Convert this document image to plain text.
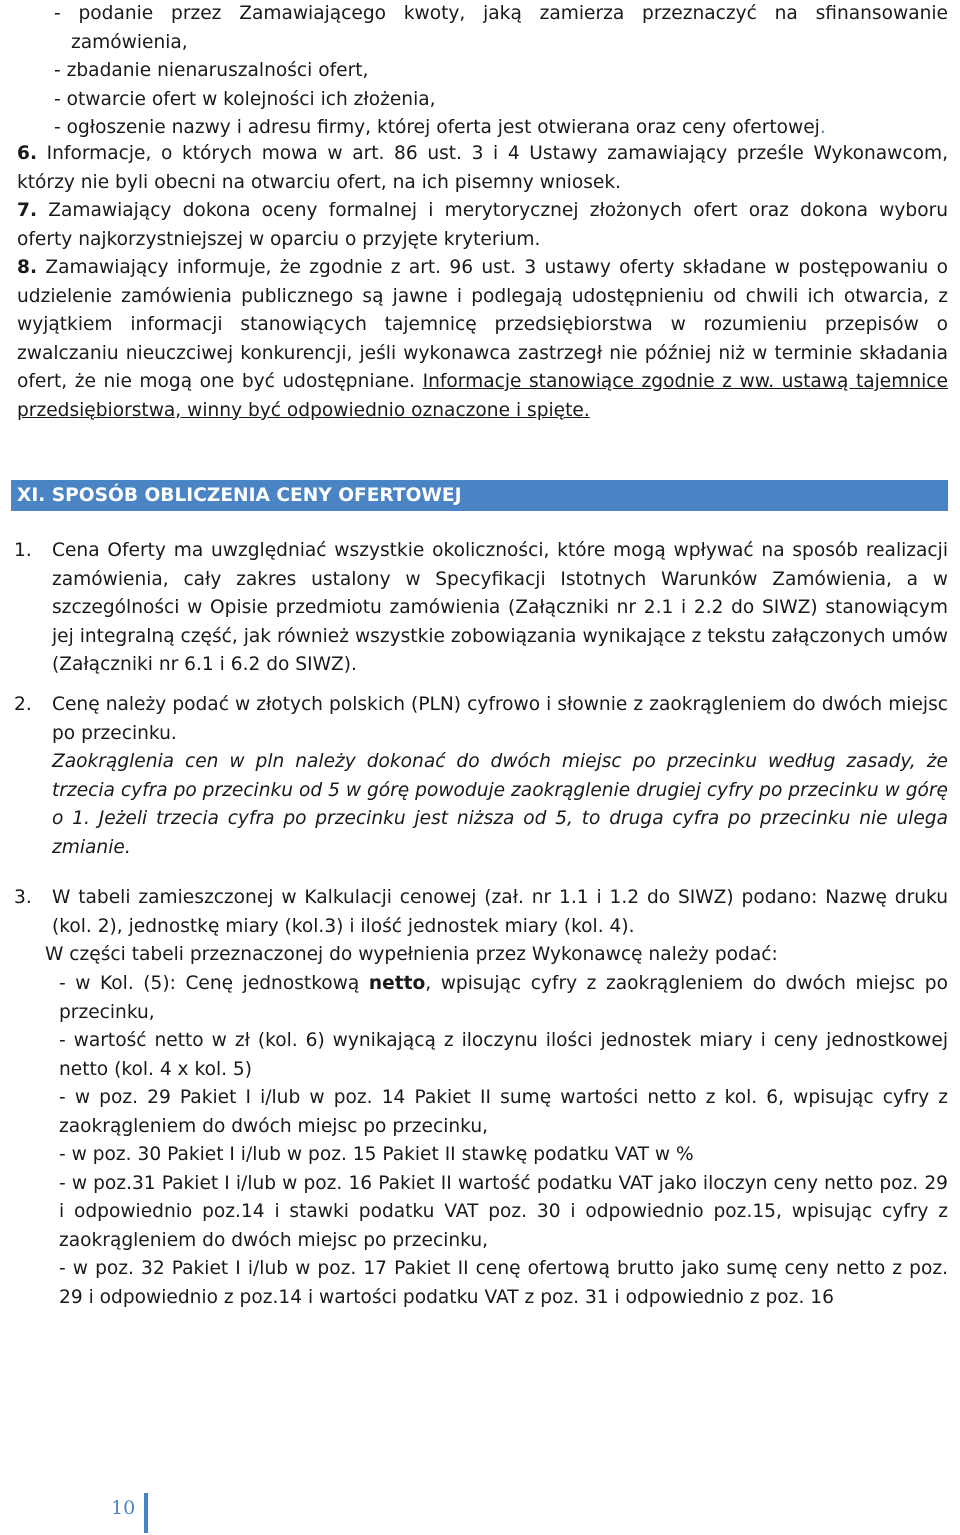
- podanie przez Zamawiającego kwoty, jaką zamierza przeznaczyć na sfinansowanie
zamówienia,
- zbadanie nienaruszalności ofert,
- otwarcie ofert w kolejności ich złożenia,
- ogłoszenie nazwy i adresu firmy, której oferta jest otwierana oraz ceny ofertowej.
6. Informacje, o których mowa w art. 86 ust. 3 i 4 Ustawy zamawiający prześle Wykonawcom, którzy nie byli obecni na otwarciu ofert, na ich pisemny wniosek.
7. Zamawiający dokona oceny formalnej i merytorycznej złożonych ofert oraz dokona wyboru oferty najkorzystniejszej w oparciu o przyjęte kryterium.
8. Zamawiający informuje, że zgodnie z art. 96 ust. 3 ustawy oferty składane w postępowaniu o udzielenie zamówienia publicznego są jawne i podlegają udostępnieniu od chwili ich otwarcia, z wyjątkiem informacji stanowiących tajemnicę przedsiębiorstwa w rozumieniu przepisów o zwalczaniu nieuczciwej konkurencji, jeśli wykonawca zastrzegł nie później niż w terminie składania ofert, że nie mogą one być udostępniane. Informacje stanowiące zgodnie z ww. ustawą tajemnice przedsiębiorstwa, winny być odpowiednio oznaczone i spięte.
XI. SPOSÓB OBLICZENIA CENY OFERTOWEJ
1. Cena Oferty ma uwzględniać wszystkie okoliczności, które mogą wpływać na sposób realizacji zamówienia, cały zakres ustalony w Specyfikacji Istotnych Warunków Zamówienia, a w szczególności w Opisie przedmiotu zamówienia (Załączniki nr 2.1 i 2.2 do SIWZ) stanowiącym jej integralną część, jak również wszystkie zobowiązania wynikające z tekstu załączonych umów (Załączniki nr 6.1 i 6.2 do SIWZ).
2. Cenę należy podać w złotych polskich (PLN) cyfrowo i słownie z zaokrągleniem do dwóch miejsc po przecinku.
Zaokrąglenia cen w pln należy dokonać do dwóch miejsc po przecinku według zasady, że trzecia cyfra po przecinku od 5 w górę powoduje zaokrąglenie drugiej cyfry po przecinku w górę o 1. Jeżeli trzecia cyfra po przecinku jest niższa od 5, to druga cyfra po przecinku nie ulega zmianie.
3. W tabeli zamieszczonej w Kalkulacji cenowej (zał. nr 1.1 i 1.2 do SIWZ) podano: Nazwę druku (kol. 2), jednostkę miary (kol.3) i ilość jednostek miary (kol. 4).
W części tabeli przeznaczonej do wypełnienia przez Wykonawcę należy podać:
- w Kol. (5): Cenę jednostkową netto, wpisując cyfry z zaokrągleniem do dwóch miejsc po przecinku,
- wartość netto w zł (kol. 6) wynikającą z iloczynu ilości jednostek miary i ceny jednostkowej netto (kol. 4 x kol. 5)
- w poz. 29 Pakiet I i/lub w poz. 14 Pakiet II sumę wartości netto z kol. 6, wpisując cyfry z zaokrągleniem do dwóch miejsc po przecinku,
- w poz. 30 Pakiet I i/lub w poz. 15 Pakiet II stawkę podatku VAT w %
- w poz.31 Pakiet I i/lub w poz. 16 Pakiet II wartość podatku VAT jako iloczyn ceny netto poz. 29 i odpowiednio poz.14 i stawki podatku VAT poz. 30 i odpowiednio poz.15, wpisując cyfry z zaokrągleniem do dwóch miejsc po przecinku,
- w poz. 32 Pakiet I i/lub w poz. 17 Pakiet II cenę ofertową brutto jako sumę ceny netto z poz. 29 i odpowiednio z poz.14 i wartości podatku VAT z poz. 31 i odpowiednio z poz. 16
10
